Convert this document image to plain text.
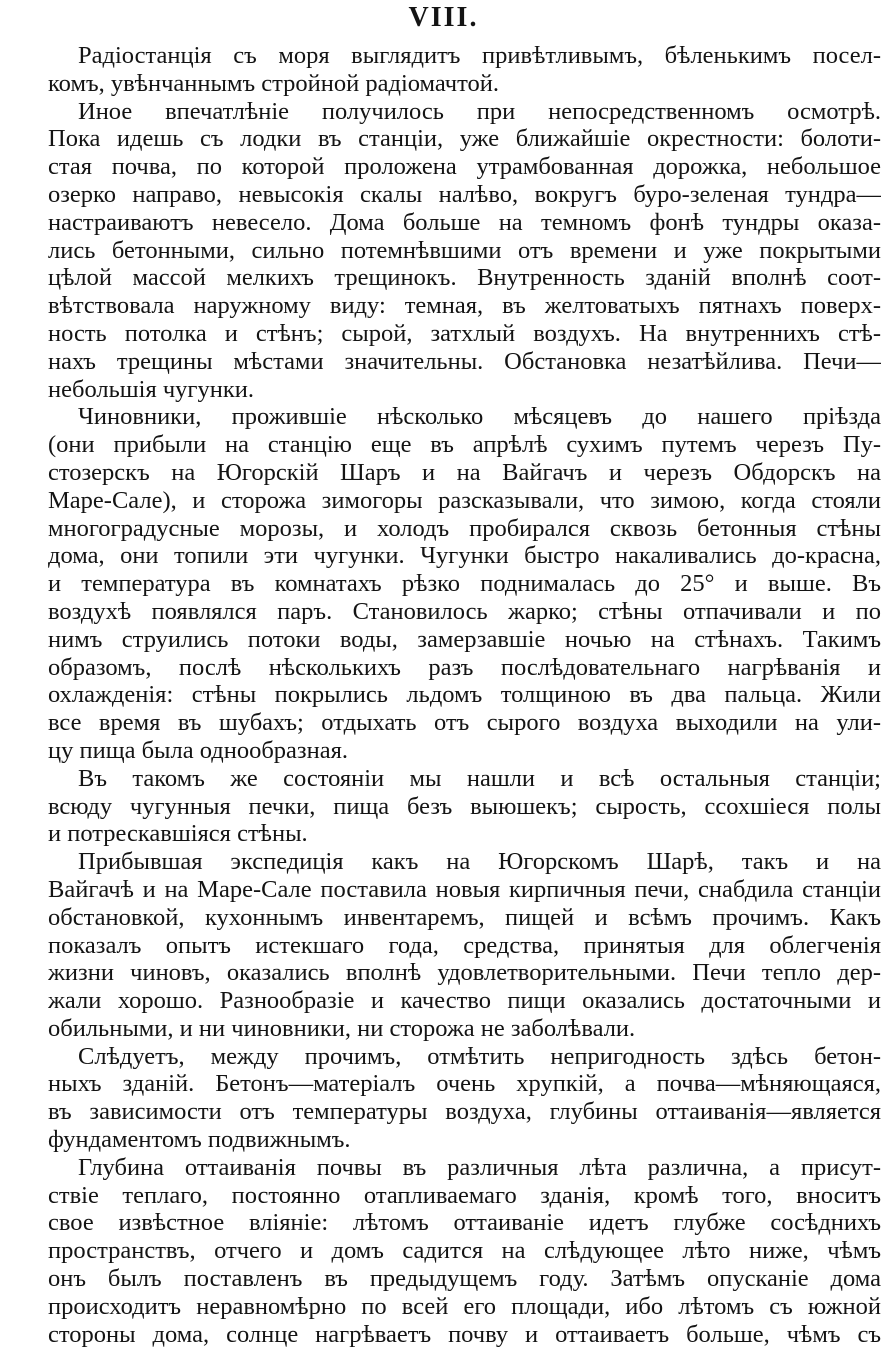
VIII.
Радіостанція съ моря выглядитъ привѣтливымъ, бѣленькимъ посел-
комъ, увѣнчаннымъ стройной радіомачтой.
Иное впечатлѣніе получилось при непосредственномъ осмотрѣ.
Пока идешь съ лодки въ станціи, уже ближайшіе окрестности: болоти-
стая почва, по которой проложена утрамбованная дорожка, небольшое
озерко направо, невысокія скалы налѣво, вокругъ буро-зеленая тундра—
настраиваютъ невесело. Дома больше на темномъ фонѣ тундры оказа-
лись бетонными, сильно потемнѣвшими отъ времени и уже покрытыми
цѣлой массой мелкихъ трещинокъ. Внутренность зданій вполнѣ соот-
вѣтствовала наружному виду: темная, въ желтоватыхъ пятнахъ поверх-
ность потолка и стѣнъ; сырой, затхлый воздухъ. На внутреннихъ стѣ-
нахъ трещины мѣстами значительны. Обстановка незатѣйлива. Печи—
небольшія чугунки.
Чиновники, прожившіе нѣсколько мѣсяцевъ до нашего пріѣзда
(они прибыли на станцію еще въ апрѣлѣ сухимъ путемъ черезъ Пу-
стозерскъ на Югорскій Шаръ и на Вайгачъ и черезъ Обдорскъ на
Маре-Сале), и сторожа зимогоры разсказывали, что зимою, когда стояли
многоградусные морозы, и холодъ пробирался сквозь бетонныя стѣны
дома, они топили эти чугунки. Чугунки быстро накаливались до-красна,
и температура въ комнатахъ рѣзко поднималась до 25° и выше. Въ
воздухѣ появлялся паръ. Становилось жарко; стѣны отпачивали и по
нимъ струились потоки воды, замерзавшіе ночью на стѣнахъ. Такимъ
образомъ, послѣ нѣсколькихъ разъ послѣдовательнаго нагрѣванія и
охлажденія: стѣны покрылись льдомъ толщиною въ два пальца. Жили
все время въ шубахъ; отдыхать отъ сырого воздуха выходили на ули-
цу пища была однообразная.
Въ такомъ же состояніи мы нашли и всѣ остальныя станціи;
всюду чугунныя печки, пища безъ выюшекъ; сырость, ссохшіеся полы
и потрескавшіяся стѣны.
Прибывшая экспедиція какъ на Югорскомъ Шарѣ, такъ и на
Вайгачѣ и на Маре-Сале поставила новыя кирпичныя печи, снабдила станціи
обстановкой, кухоннымъ инвентаремъ, пищей и всѣмъ прочимъ. Какъ
показалъ опытъ истекшаго года, средства, принятыя для облегченія
жизни чиновъ, оказались вполнѣ удовлетворительными. Печи тепло дер-
жали хорошо. Разнообразіе и качество пищи оказались достаточными и
обильными, и ни чиновники, ни сторожа не заболѣвали.
Слѣдуетъ, между прочимъ, отмѣтить непригодность здѣсь бетон-
ныхъ зданій. Бетонъ—матеріалъ очень хрупкій, а почва—мѣняющаяся,
въ зависимости отъ температуры воздуха, глубины оттаиванія—является
фундаментомъ подвижнымъ.
Глубина оттаиванія почвы въ различныя лѣта различна, а присут-
ствіе теплаго, постоянно отапливаемаго зданія, кромѣ того, вноситъ
свое извѣстное вліяніе: лѣтомъ оттаиваніе идетъ глубже сосѣднихъ
пространствъ, отчего и домъ садится на слѣдующее лѣто ниже, чѣмъ
онъ былъ поставленъ въ предыдущемъ году. Затѣмъ опусканіе дома
происходитъ неравномѣрно по всей его площади, ибо лѣтомъ съ южной
стороны дома, солнце нагрѣваетъ почву и оттаиваетъ больше, чѣмъ съ
